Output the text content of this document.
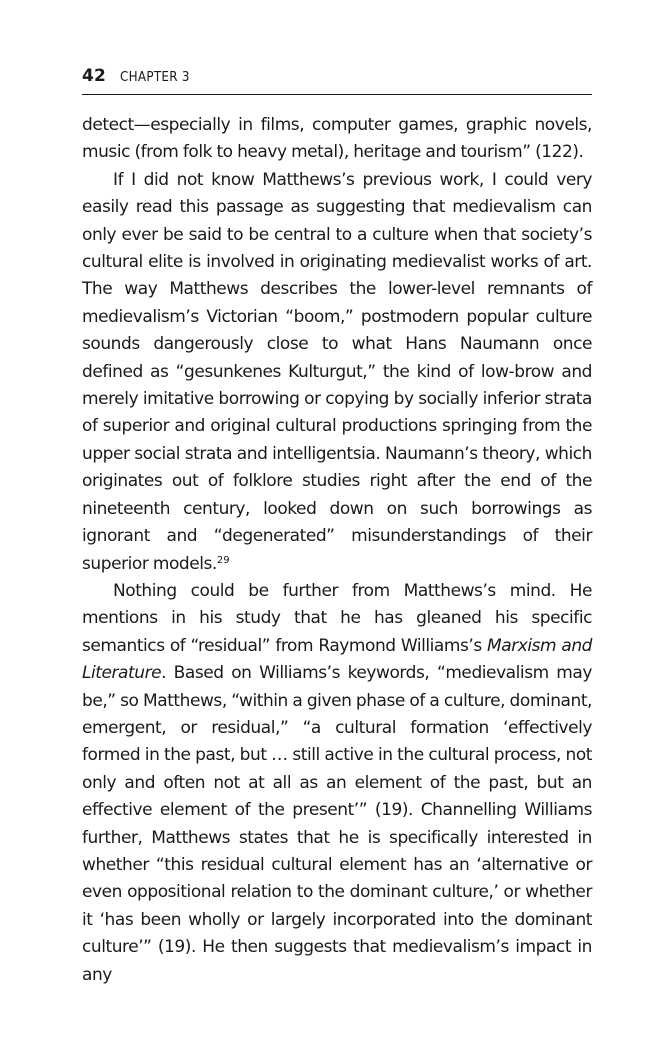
42 CHAPTER 3

detect—especially in films, computer games, graphic novels, music (from folk to heavy metal), heritage and tourism” (122).

If I did not know Matthews’s previous work, I could very easily read this passage as suggesting that medievalism can only ever be said to be central to a culture when that society’s cultural elite is involved in originating medievalist works of art. The way Matthews describes the lower-level remnants of medievalism’s Victorian “boom,” postmodern popular culture sounds dangerously close to what Hans Naumann once defined as “gesunkenes Kulturgut,” the kind of low-brow and merely imitative borrowing or copying by socially inferior strata of superior and original cultural productions springing from the upper social strata and intelligentsia. Naumann’s theory, which originates out of folklore studies right after the end of the nineteenth century, looked down on such borrowings as ignorant and “degenerated” misunderstandings of their superior models.$^{29}$

Nothing could be further from Matthews’s mind. He mentions in his study that he has gleaned his specific semantics of “residual” from Raymond Williams’s Marxism and Literature. Based on Williams’s keywords, “medievalism may be,” so Matthews, “within a given phase of a culture, dominant, emergent, or residual,” “a cultural formation ‘effectively formed in the past, but … still active in the cultural process, not only and often not at all as an element of the past, but an effective element of the present’” (19). Channelling Williams further, Matthews states that he is specifically interested in whether “this residual cultural element has an ‘alternative or even oppositional relation to the dominant culture,’ or whether it ‘has been wholly or largely incorporated into the dominant culture’” (19). He then suggests that medievalism’s impact in any
